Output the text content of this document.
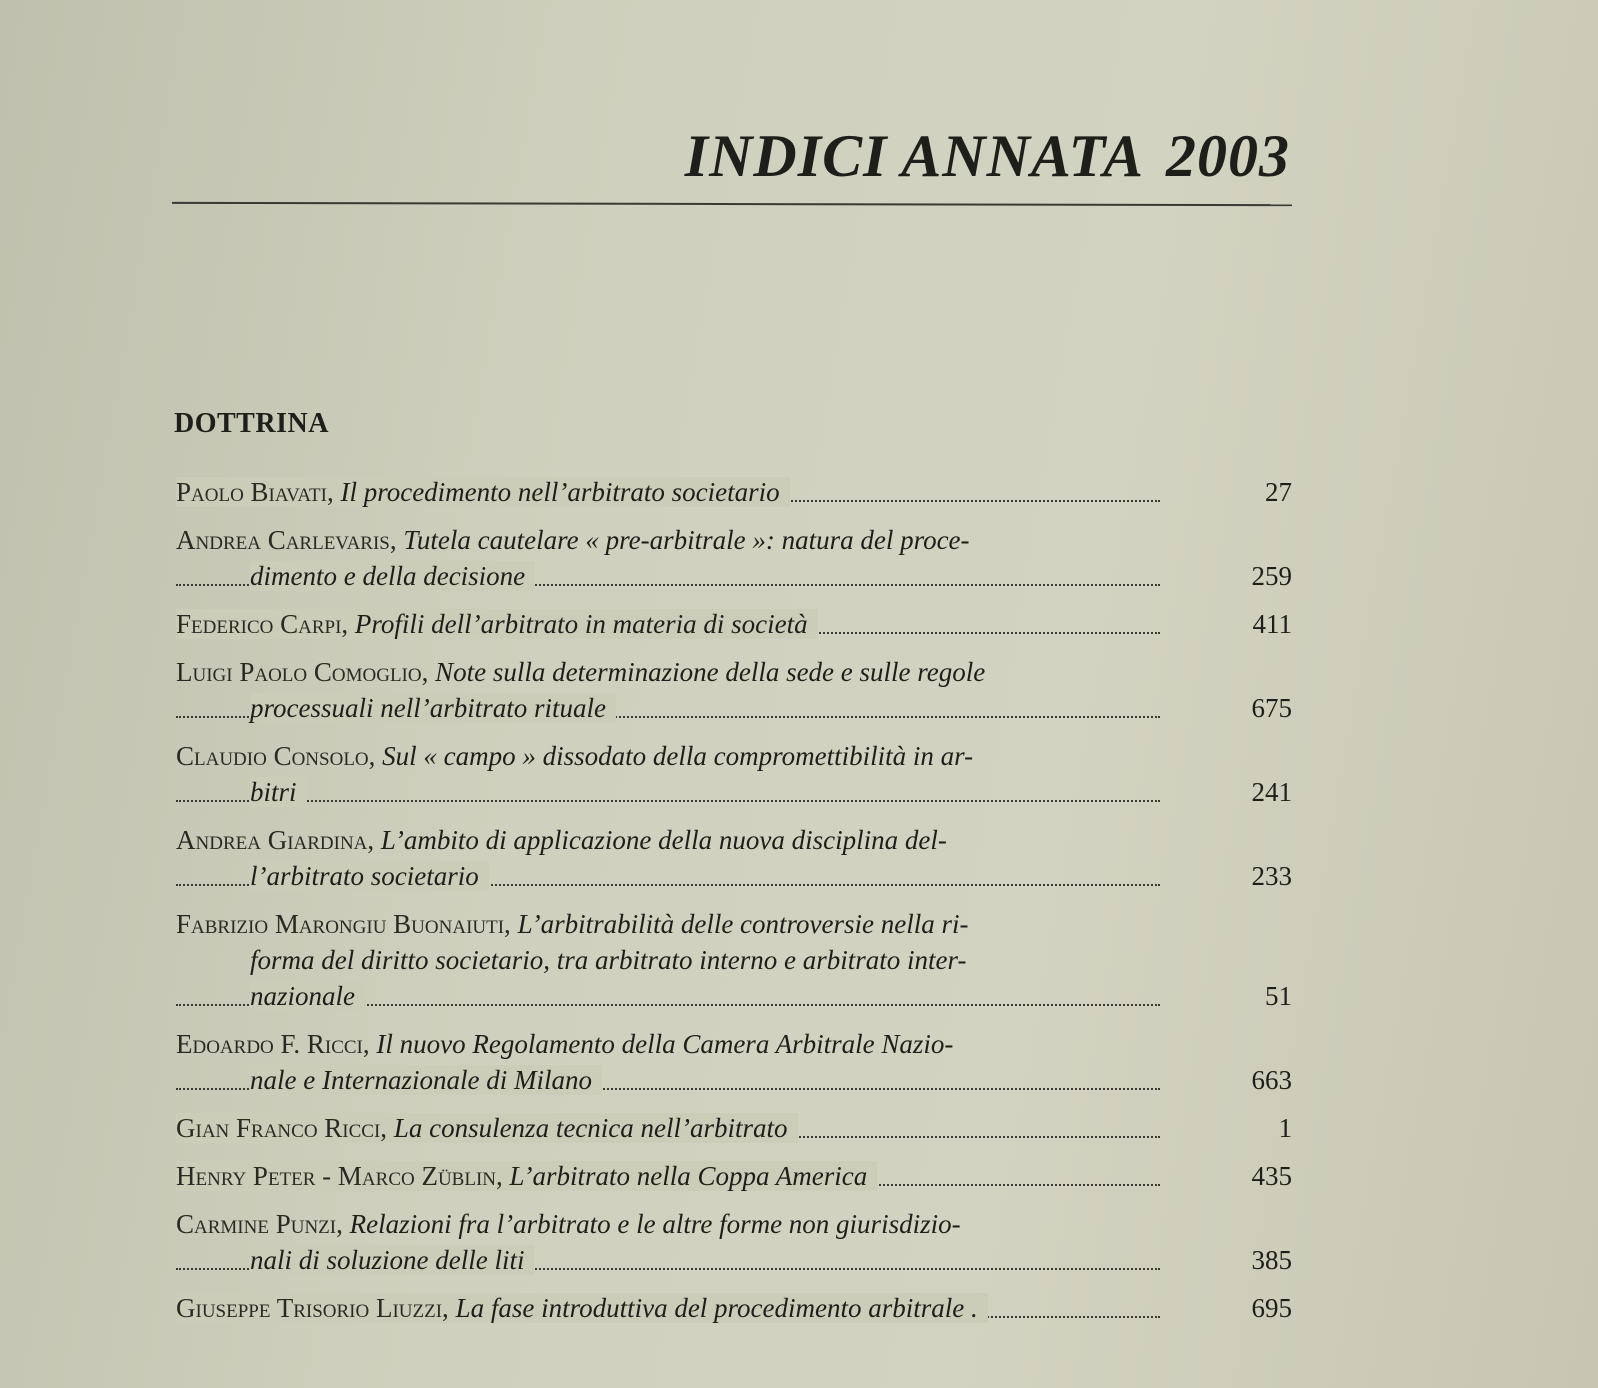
INDICI ANNATA 2003
DOTTRINA
Paolo Biavati, Il procedimento nell’arbitrato societario	27
Andrea Carlevaris, Tutela cautelare « pre-arbitrale »: natura del proce-
dimento e della decisione	259
Federico Carpi, Profili dell’arbitrato in materia di società	411
Luigi Paolo Comoglio, Note sulla determinazione della sede e sulle regole
processuali nell’arbitrato rituale	675
Claudio Consolo, Sul « campo » dissodato della compromettibilità in ar-
bitri	241
Andrea Giardina, L’ambito di applicazione della nuova disciplina del-
l’arbitrato societario	233
Fabrizio Marongiu Buonaiuti, L’arbitrabilità delle controversie nella ri-
forma del diritto societario, tra arbitrato interno e arbitrato inter-
nazionale	51
Edoardo F. Ricci, Il nuovo Regolamento della Camera Arbitrale Nazio-
nale e Internazionale di Milano	663
Gian Franco Ricci, La consulenza tecnica nell’arbitrato	1
Henry Peter - Marco Züblin, L’arbitrato nella Coppa America	435
Carmine Punzi, Relazioni fra l’arbitrato e le altre forme non giurisdizio-
nali di soluzione delle liti	385
Giuseppe Trisorio Liuzzi, La fase introduttiva del procedimento arbitrale .	695
